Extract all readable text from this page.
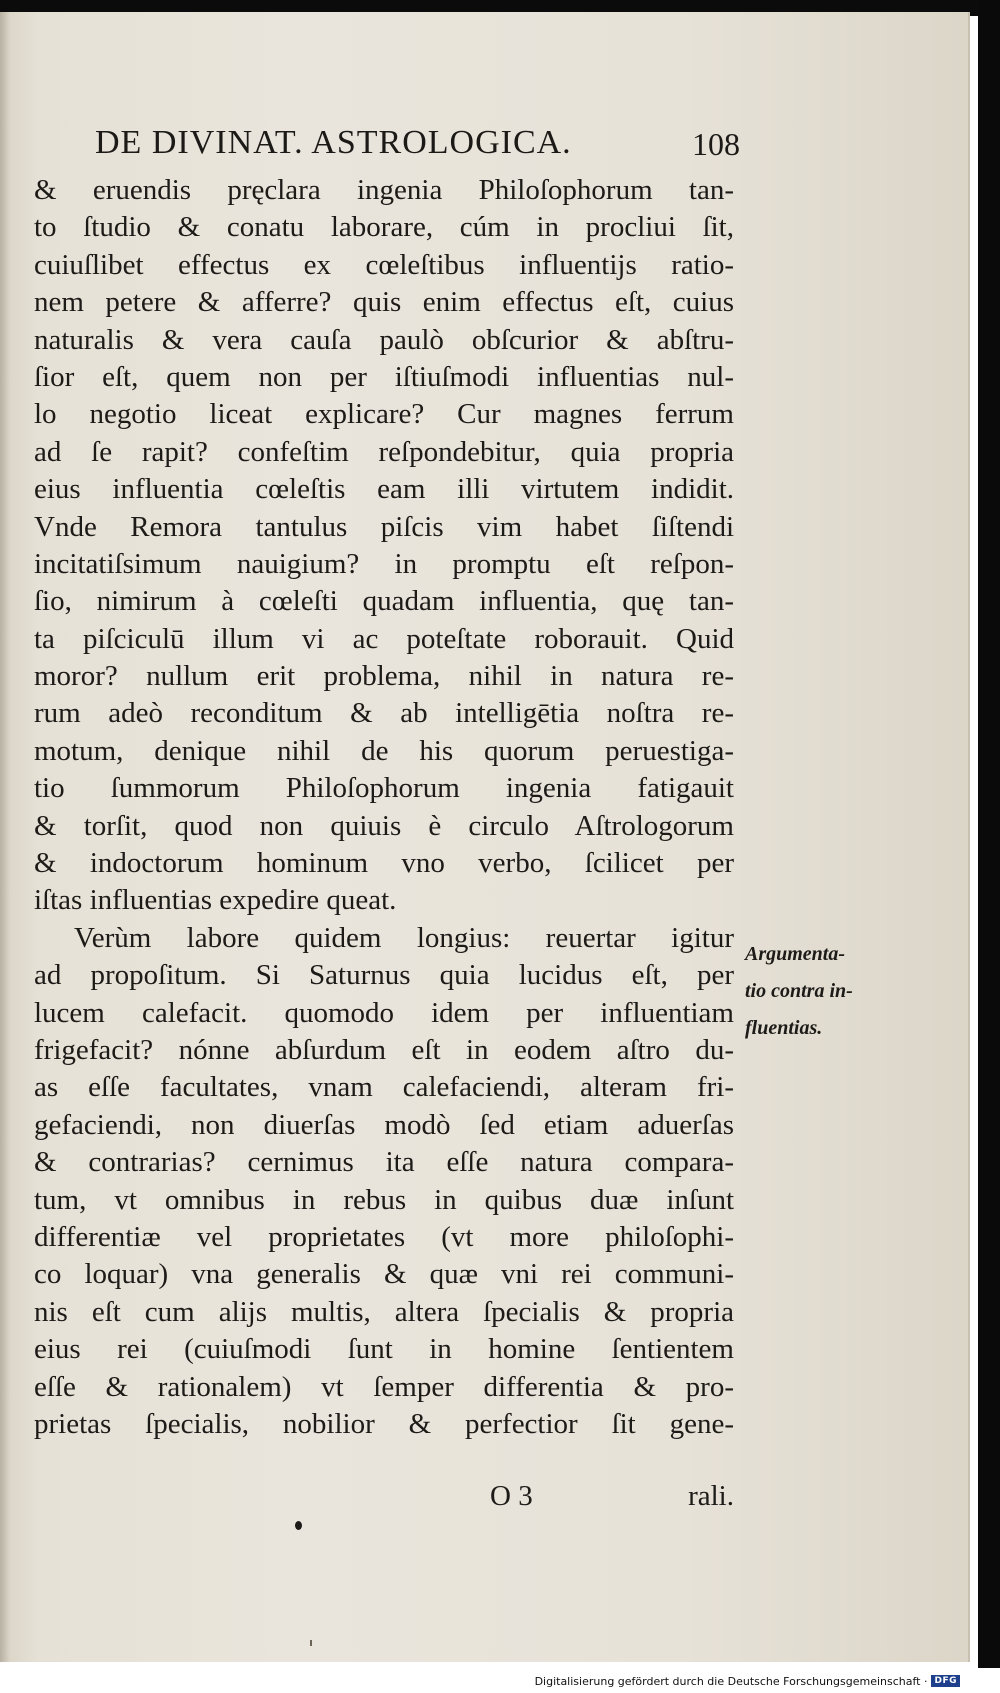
DE DIVINAT. ASTROLOGICA.	108
& eruendis pręclara ingenia Philoſophorum tan-
to ſtudio & conatu laborare, cúm in procliui ſit,
cuiuſlibet effectus ex cœleſtibus influentijs ratio-
nem petere & afferre? quis enim effectus eſt, cuius
naturalis & vera cauſa paulò obſcurior & abſtru-
ſior eſt, quem non per iſtiuſmodi influentias nul-
lo negotio liceat explicare? Cur magnes ferrum
ad ſe rapit? confeſtim reſpondebitur, quia propria
eius influentia cœleſtis eam illi virtutem indidit.
Vnde Remora tantulus piſcis vim habet ſiſtendi
incitatiſsimum nauigium? in promptu eſt reſpon-
ſio, nimirum à cœleſti quadam influentia, quę tan-
ta piſciculū illum vi ac poteſtate roborauit. Quid
moror? nullum erit problema, nihil in natura re-
rum adeò reconditum & ab intelligētia noſtra re-
motum, denique nihil de his quorum peruestiga-
tio ſummorum Philoſophorum ingenia fatigauit
& torſit, quod non quiuis è circulo Aſtrologorum
& indoctorum hominum vno verbo, ſcilicet per
iſtas influentias expedire queat.
Verùm labore quidem longius: reuertar igitur
ad propoſitum. Si Saturnus quia lucidus eſt, per
lucem calefacit. quomodo idem per influentiam
frigefacit? nónne abſurdum eſt in eodem aſtro du-
as eſſe facultates, vnam calefaciendi, alteram fri-
gefaciendi, non diuerſas modò ſed etiam aduerſas
& contrarias? cernimus ita eſſe natura compara-
tum, vt omnibus in rebus in quibus duæ inſunt
differentiæ vel proprietates (vt more philoſophi-
co loquar) vna generalis & quæ vni rei communi-
nis eſt cum alijs multis, altera ſpecialis & propria
eius rei (cuiuſmodi ſunt in homine ſentientem
eſſe & rationalem) vt ſemper differentia & pro-
prietas ſpecialis, nobilior & perfectior ſit gene-
O 3	rali.
Argumenta-
tio contra in-
fluentias.
Digitalisierung gefördert durch die Deutsche Forschungsgemeinschaft · DFG
